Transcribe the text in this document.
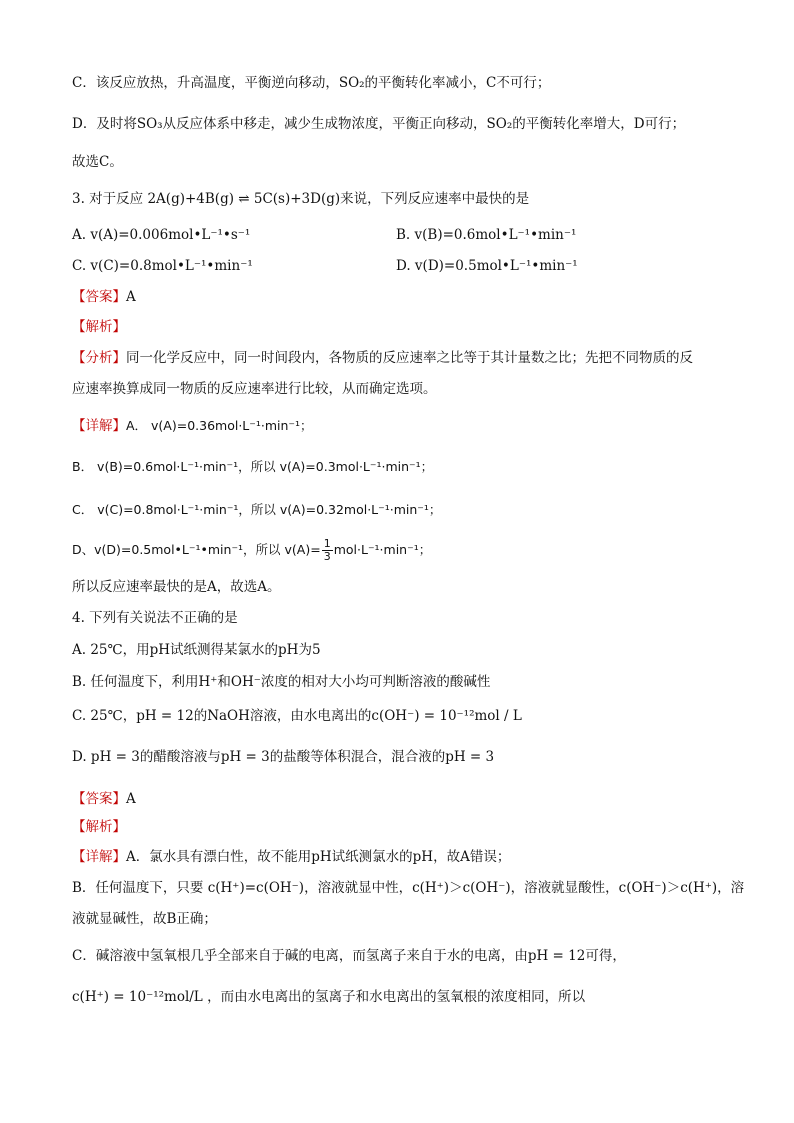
C．该反应放热，升高温度，平衡逆向移动，SO₂的平衡转化率减小，C不可行；
D．及时将SO₃从反应体系中移走，减少生成物浓度，平衡正向移动，SO₂的平衡转化率增大，D可行；
故选C。
3. 对于反应 2A(g)+4B(g) ⇌ 5C(s)+3D(g)来说，下列反应速率中最快的是
A. v(A)=0.006mol•L⁻¹•s⁻¹	B. v(B)=0.6mol•L⁻¹•min⁻¹
C. v(C)=0.8mol•L⁻¹•min⁻¹	D. v(D)=0.5mol•L⁻¹•min⁻¹
【答案】A
【解析】
【分析】同一化学反应中，同一时间段内，各物质的反应速率之比等于其计量数之比；先把不同物质的反
应速率换算成同一物质的反应速率进行比较，从而确定选项。
【详解】A． v(A)=0.36mol·L⁻¹·min⁻¹；
B． v(B)=0.6mol·L⁻¹·min⁻¹，所以 v(A)=0.3mol·L⁻¹·min⁻¹；
C． v(C)=0.8mol·L⁻¹·min⁻¹，所以 v(A)=0.32mol·L⁻¹·min⁻¹；
D、v(D)=0.5mol•L⁻¹•min⁻¹，所以 $v(A)= \frac{1}{3} mol\cdot L^{-1}\cdot\min^{-1}$；
所以反应速率最快的是A，故选A。
4. 下列有关说法不正确的是
A. 25℃，用pH试纸测得某氯水的pH为5
B. 任何温度下，利用H⁺和OH⁻浓度的相对大小均可判断溶液的酸碱性
C. 25℃，pH = 12的NaOH溶液，由水电离出的c(OH⁻) = 10⁻¹²mol / L
D. pH = 3的醋酸溶液与pH = 3的盐酸等体积混合，混合液的pH = 3
【答案】A
【解析】
【详解】A．氯水具有漂白性，故不能用pH试纸测氯水的pH，故A错误；
B．任何温度下，只要 c(H⁺)=c(OH⁻)，溶液就显中性，c(H⁺)＞c(OH⁻)，溶液就显酸性，c(OH⁻)＞c(H⁺)，溶
液就显碱性，故B正确；
C．碱溶液中氢氧根几乎全部来自于碱的电离，而氢离子来自于水的电离，由pH = 12可得，
c(H⁺) = 10⁻¹²mol/L ，而由水电离出的氢离子和水电离出的氢氧根的浓度相同，所以
